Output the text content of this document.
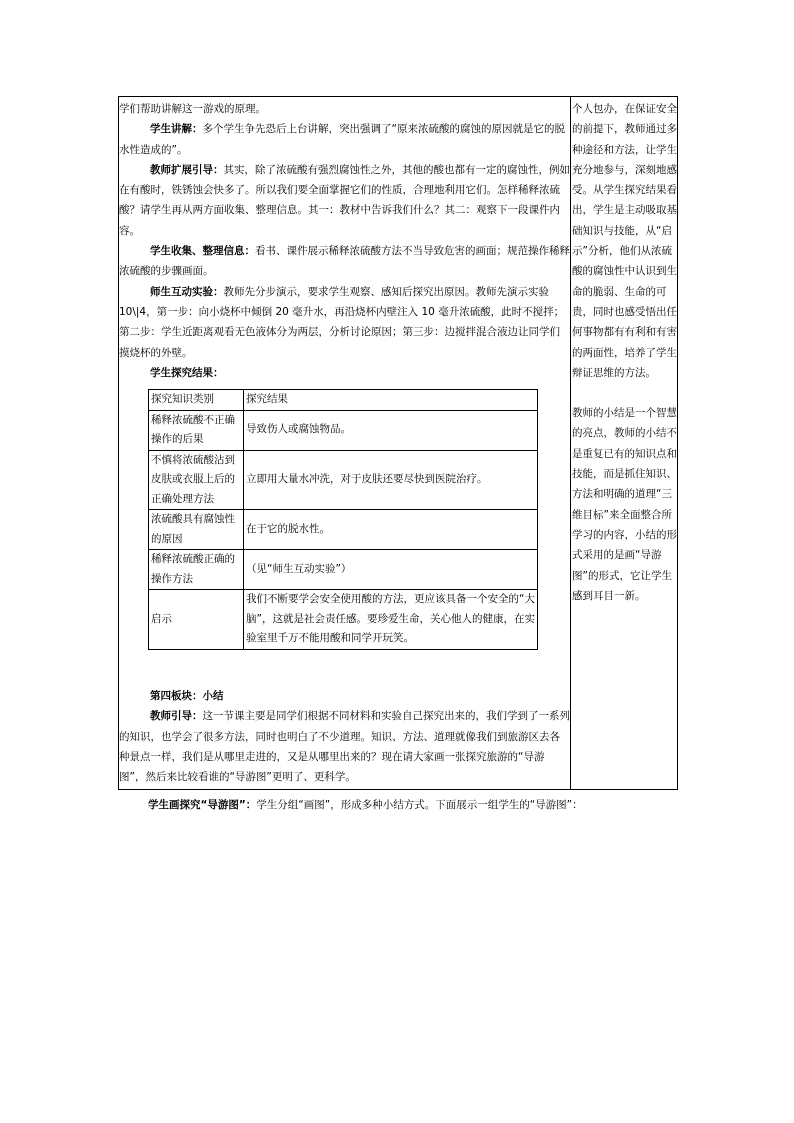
学们帮助讲解这一游戏的原理。

学生讲解：多个学生争先恐后上台讲解，突出强调了“原来浓硫酸的腐蚀的原因就是它的脱水性造成的”。

教师扩展引导：其实，除了浓硫酸有强烈腐蚀性之外，其他的酸也都有一定的腐蚀性，例如在有酸时，铁锈蚀会快多了。所以我们要全面掌握它们的性质，合理地利用它们。怎样稀释浓硫酸？请学生再从两方面收集、整理信息。其一：教材中告诉我们什么？其二：观察下一段课件内容。

学生收集、整理信息：看书、课件展示稀释浓硫酸方法不当导致危害的画面；规范操作稀释浓硫酸的步骤画面。

师生互动实验：教师先分步演示，要求学生观察、感知后探究出原因。教师先演示实验 10\|4，第一步：向小烧杯中倾倒 20 毫升水，再沿烧杯内壁注入 10 毫升浓硫酸，此时不搅拌；第二步：学生近距离观看无色液体分为两层，分析讨论原因；第三步：边搅拌混合液边让同学们摸烧杯的外壁。

学生探究结果：

探究知识类别	探究结果
稀释浓硫酸不正确操作的后果	导致伤人或腐蚀物品。
不慎将浓硫酸沾到皮肤或衣服上后的正确处理方法	立即用大量水冲洗，对于皮肤还要尽快到医院治疗。
浓硫酸具有腐蚀性的原因	在于它的脱水性。
稀释浓硫酸正确的操作方法	（见“师生互动实验”）
启示	我们不断要学会安全使用酸的方法，更应该具备一个安全的“大脑”，这就是社会责任感。要珍爱生命，关心他人的健康，在实验室里千万不能用酸和同学开玩笑。

第四板块：小结

教师引导：这一节课主要是同学们根据不同材料和实验自己探究出来的，我们学到了一系列的知识，也学会了很多方法，同时也明白了不少道理。知识、方法、道理就像我们到旅游区去各种景点一样，我们是从哪里走进的，又是从哪里出来的？现在请大家画一张探究旅游的“导游图”，然后来比较看谁的“导游图”更明了、更科学。

个人包办，在保证安全的前提下，教师通过多种途径和方法，让学生充分地参与，深刻地感受。从学生探究结果看出，学生是主动吸取基础知识与技能，从“启示”分析，他们从浓硫酸的腐蚀性中认识到生命的脆弱、生命的可贵，同时也感受悟出任何事物都有有利和有害的两面性，培养了学生辩证思维的方法。

教师的小结是一个智慧的亮点，教师的小结不是重复已有的知识点和技能，而是抓住知识、方法和明确的道理“三维目标”来全面整合所学习的内容，小结的形式采用的是画“导游图”的形式，它让学生感到耳目一新。

学生画探究“导游图”：学生分组“画图”，形成多种小结方式。下面展示一组学生的“导游图”：
